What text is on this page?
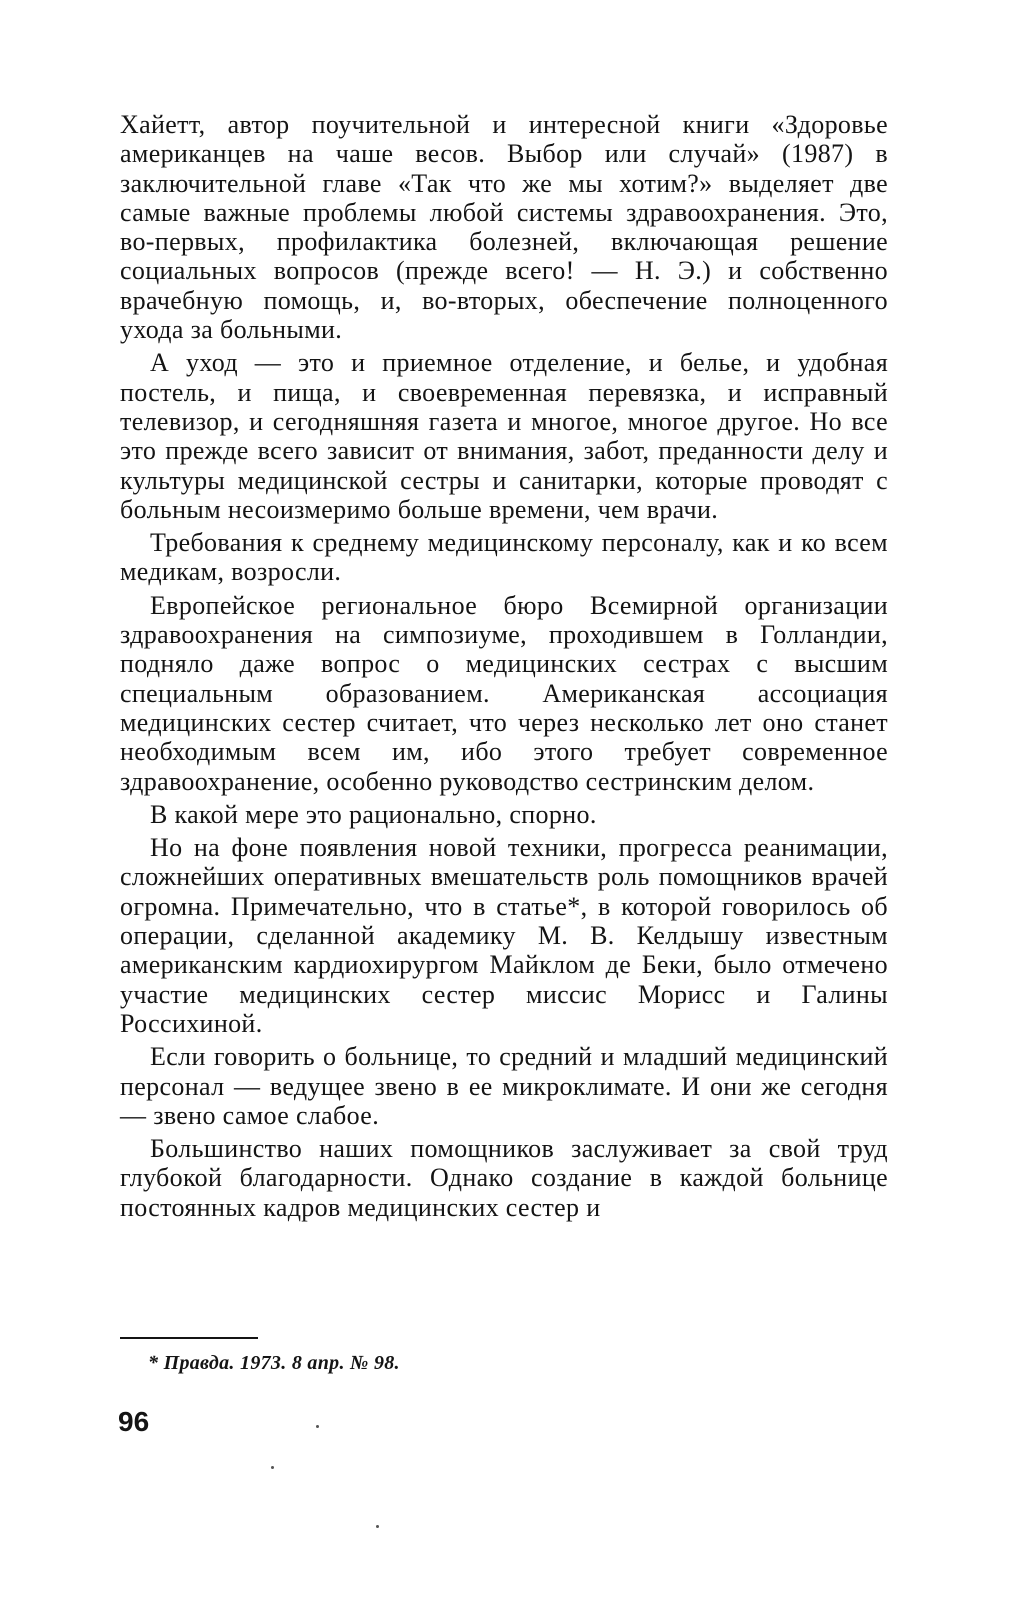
Хайетт, автор поучительной и интересной книги «Здоровье американцев на чаше весов. Выбор или случай» (1987) в заключительной главе «Так что же мы хотим?» выделяет две самые важные проблемы любой системы здравоохранения. Это, во-первых, профилактика болезней, включающая решение социальных вопросов (прежде всего! — Н. Э.) и собственно врачебную помощь, и, во-вторых, обеспечение полноценного ухода за больными.

А уход — это и приемное отделение, и белье, и удобная постель, и пища, и своевременная перевязка, и исправный телевизор, и сегодняшняя газета и многое, многое другое. Но все это прежде всего зависит от внимания, забот, преданности делу и культуры медицинской сестры и санитарки, которые проводят с больным несоизмеримо больше времени, чем врачи.

Требования к среднему медицинскому персоналу, как и ко всем медикам, возросли.

Европейское региональное бюро Всемирной организации здравоохранения на симпозиуме, проходившем в Голландии, подняло даже вопрос о медицинских сестрах с высшим специальным образованием. Американская ассоциация медицинских сестер считает, что через несколько лет оно станет необходимым всем им, ибо этого требует современное здравоохранение, особенно руководство сестринским делом.

В какой мере это рационально, спорно.

Но на фоне появления новой техники, прогресса реанимации, сложнейших оперативных вмешательств роль помощников врачей огромна. Примечательно, что в статье*, в которой говорилось об операции, сделанной академику М. В. Келдышу известным американским кардиохирургом Майклом де Беки, было отмечено участие медицинских сестер миссис Морисс и Галины Россихиной.

Если говорить о больнице, то средний и младший медицинский персонал — ведущее звено в ее микроклимате. И они же сегодня — звено самое слабое.

Большинство наших помощников заслуживает за свой труд глубокой благодарности. Однако создание в каждой больнице постоянных кадров медицинских сестер и

* Правда. 1973. 8 апр. № 98.
96
